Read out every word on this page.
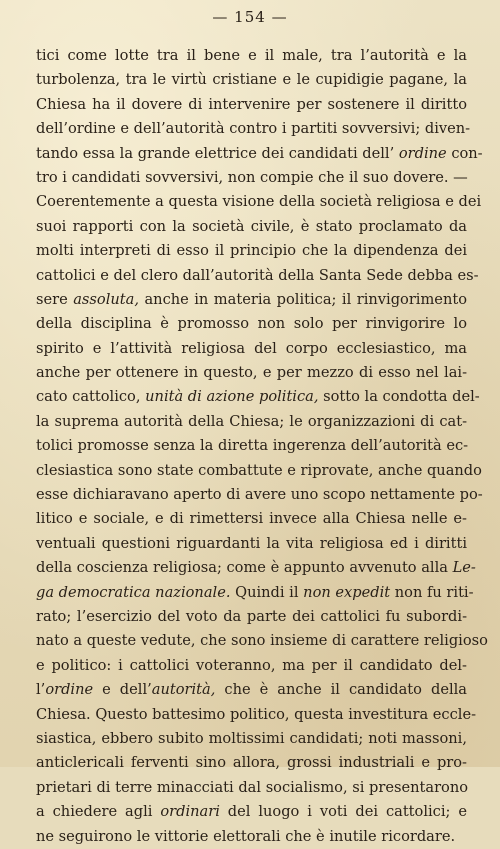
— 154 —
tici come lotte tra il bene e il male, tra l’autorità e la
turbolenza, tra le virtù cristiane e le cupidigie pagane, la
Chiesa ha il dovere di intervenire per sostenere il diritto
dell’ordine e dell’autorità contro i partiti sovversivi; diven-
tando essa la grande elettrice dei candidati dell’ ordine con-
tro i candidati sovversivi, non compie che il suo dovere. —
Coerentemente a questa visione della società religiosa e dei
suoi rapporti con la società civile, è stato proclamato da
molti interpreti di esso il principio che la dipendenza dei
cattolici e del clero dall’autorità della Santa Sede debba es-
sere assoluta, anche in materia politica; il rinvigorimento
della disciplina è promosso non solo per rinvigorire lo
spirito e l’attività religiosa del corpo ecclesiastico, ma
anche per ottenere in questo, e per mezzo di esso nel lai-
cato cattolico, unità di azione politica, sotto la condotta del-
la suprema autorità della Chiesa; le organizzazioni di cat-
tolici promosse senza la diretta ingerenza dell’autorità ec-
clesiastica sono state combattute e riprovate, anche quando
esse dichiaravano aperto di avere uno scopo nettamente po-
litico e sociale, e di rimettersi invece alla Chiesa nelle e-
ventuali questioni riguardanti la vita religiosa ed i diritti
della coscienza religiosa; come è appunto avvenuto alla Le-
ga democratica nazionale. Quindi il non expedit non fu riti-
rato; l’esercizio del voto da parte dei cattolici fu subordi-
nato a queste vedute, che sono insieme di carattere religioso
e politico: i cattolici voteranno, ma per il candidato del-
l’ordine e dell’autorità, che è anche il candidato della
Chiesa. Questo battesimo politico, questa investitura eccle-
siastica, ebbero subito moltissimi candidati; noti massoni,
anticlericali ferventi sino allora, grossi industriali e pro-
prietari di terre minacciati dal socialismo, si presentarono
a chiedere agli ordinari del luogo i voti dei cattolici; e
ne seguirono le vittorie elettorali che è inutile ricordare.
